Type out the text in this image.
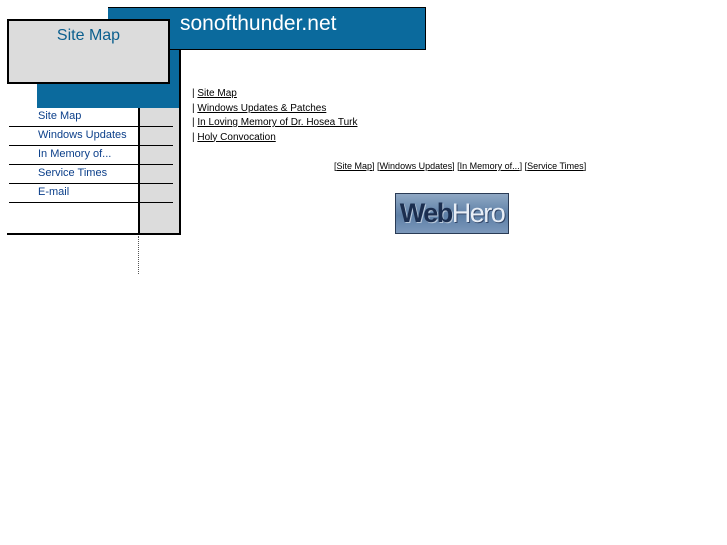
sonofthunder.net
Site Map
Site Map
Windows Updates
In Memory of...
Service Times
E-mail
| Site Map
| Windows Updates & Patches
| In Loving Memory of Dr. Hosea Turk
| Holy Convocation
[Site Map] [Windows Updates] [In Memory of...] [Service Times]
Web Hero
